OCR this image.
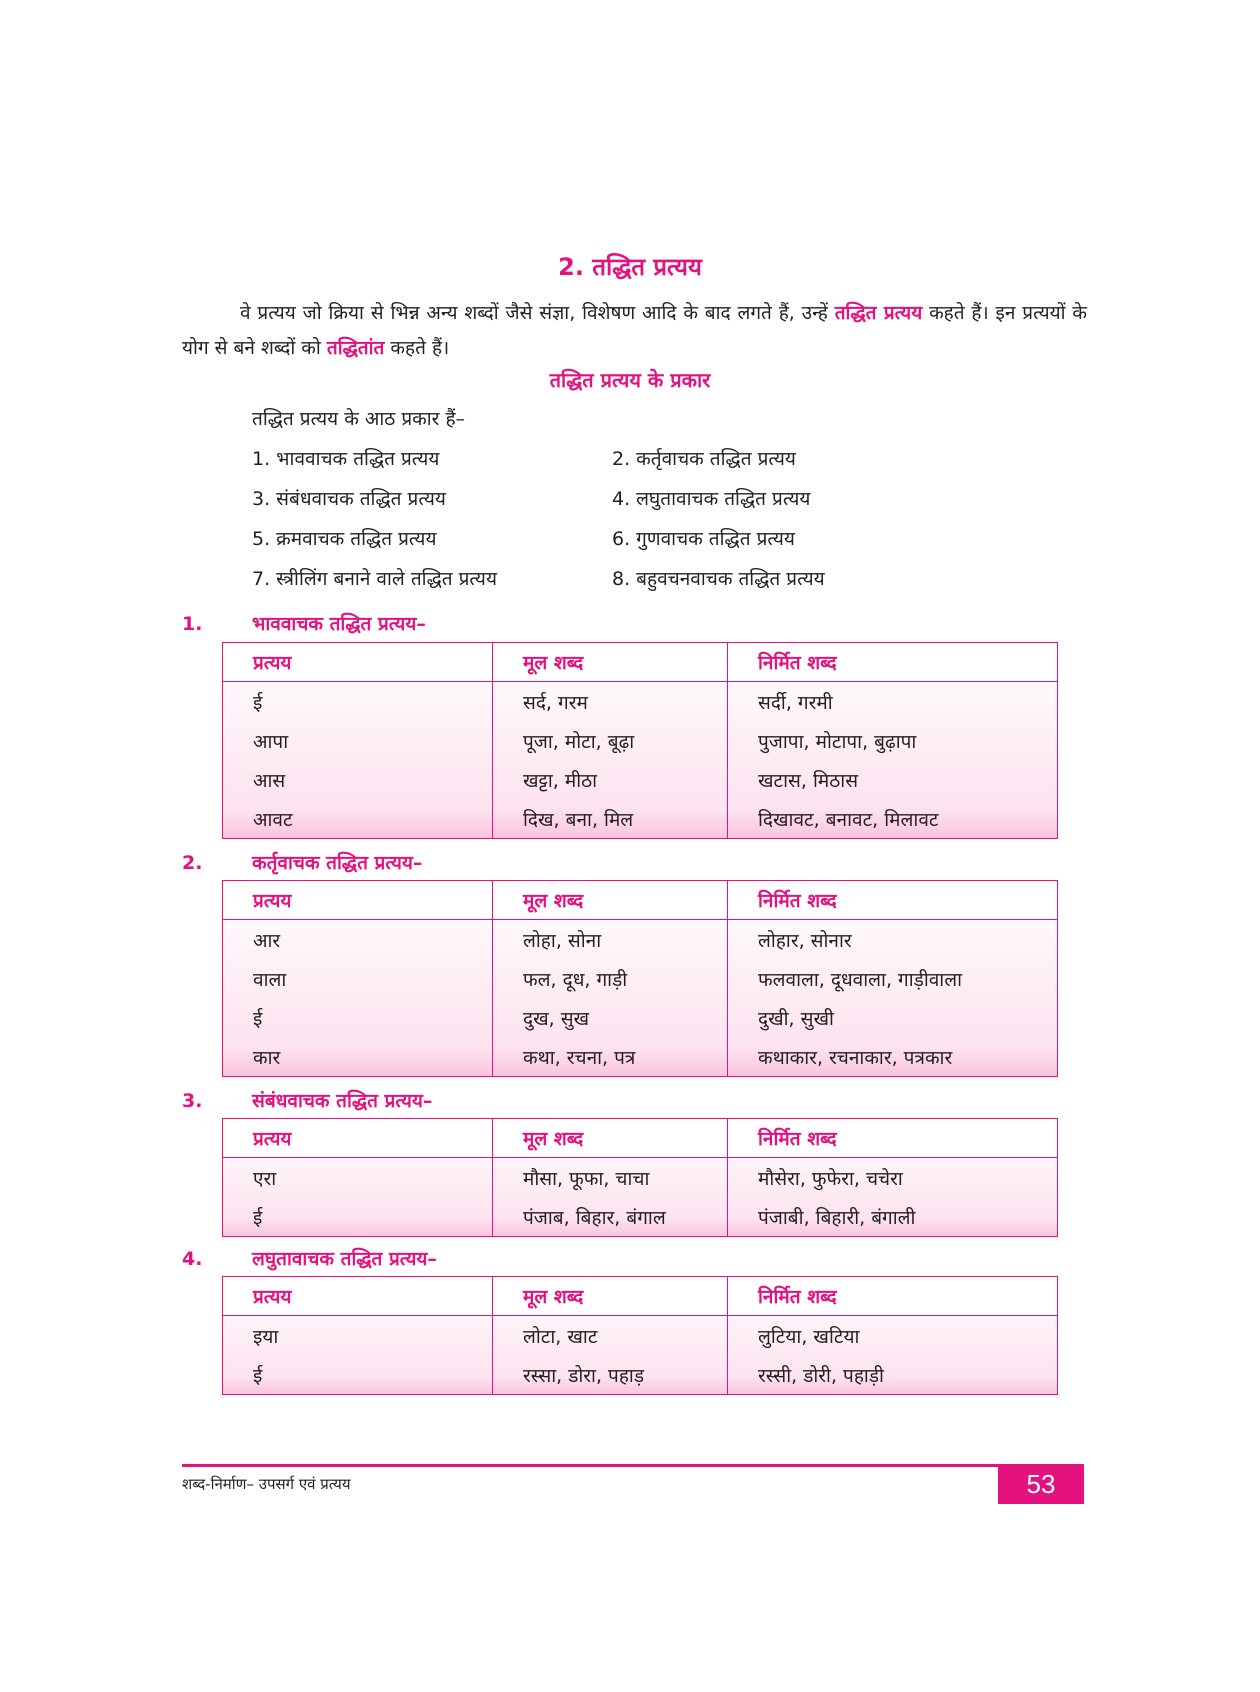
2. तद्धित प्रत्यय
वे प्रत्यय जो क्रिया से भिन्न अन्य शब्दों जैसे संज्ञा, विशेषण आदि के बाद लगते हैं, उन्हें तद्धित प्रत्यय कहते हैं। इन प्रत्ययों के योग से बने शब्दों को तद्धितांत कहते हैं।
तद्धित प्रत्यय के प्रकार
तद्धित प्रत्यय के आठ प्रकार हैं–
1. भाववाचक तद्धित प्रत्यय	2. कर्तृवाचक तद्धित प्रत्यय
3. संबंधवाचक तद्धित प्रत्यय	4. लघुतावाचक तद्धित प्रत्यय
5. क्रमवाचक तद्धित प्रत्यय	6. गुणवाचक तद्धित प्रत्यय
7. स्त्रीलिंग बनाने वाले तद्धित प्रत्यय	8. बहुवचनवाचक तद्धित प्रत्यय
1.	भाववाचक तद्धित प्रत्यय–
प्रत्यय	मूल शब्द	निर्मित शब्द
ई	सर्द, गरम	सर्दी, गरमी
आपा	पूजा, मोटा, बूढ़ा	पुजापा, मोटापा, बुढ़ापा
आस	खट्टा, मीठा	खटास, मिठास
आवट	दिख, बना, मिल	दिखावट, बनावट, मिलावट
2.	कर्तृवाचक तद्धित प्रत्यय–
प्रत्यय	मूल शब्द	निर्मित शब्द
आर	लोहा, सोना	लोहार, सोनार
वाला	फल, दूध, गाड़ी	फलवाला, दूधवाला, गाड़ीवाला
ई	दुख, सुख	दुखी, सुखी
कार	कथा, रचना, पत्र	कथाकार, रचनाकार, पत्रकार
3.	संबंधवाचक तद्धित प्रत्यय–
प्रत्यय	मूल शब्द	निर्मित शब्द
एरा	मौसा, फूफा, चाचा	मौसेरा, फुफेरा, चचेरा
ई	पंजाब, बिहार, बंगाल	पंजाबी, बिहारी, बंगाली
4.	लघुतावाचक तद्धित प्रत्यय–
प्रत्यय	मूल शब्द	निर्मित शब्द
इया	लोटा, खाट	लुटिया, खटिया
ई	रस्सा, डोरा, पहाड़	रस्सी, डोरी, पहाड़ी
शब्द-निर्माण– उपसर्ग एवं प्रत्यय	53
